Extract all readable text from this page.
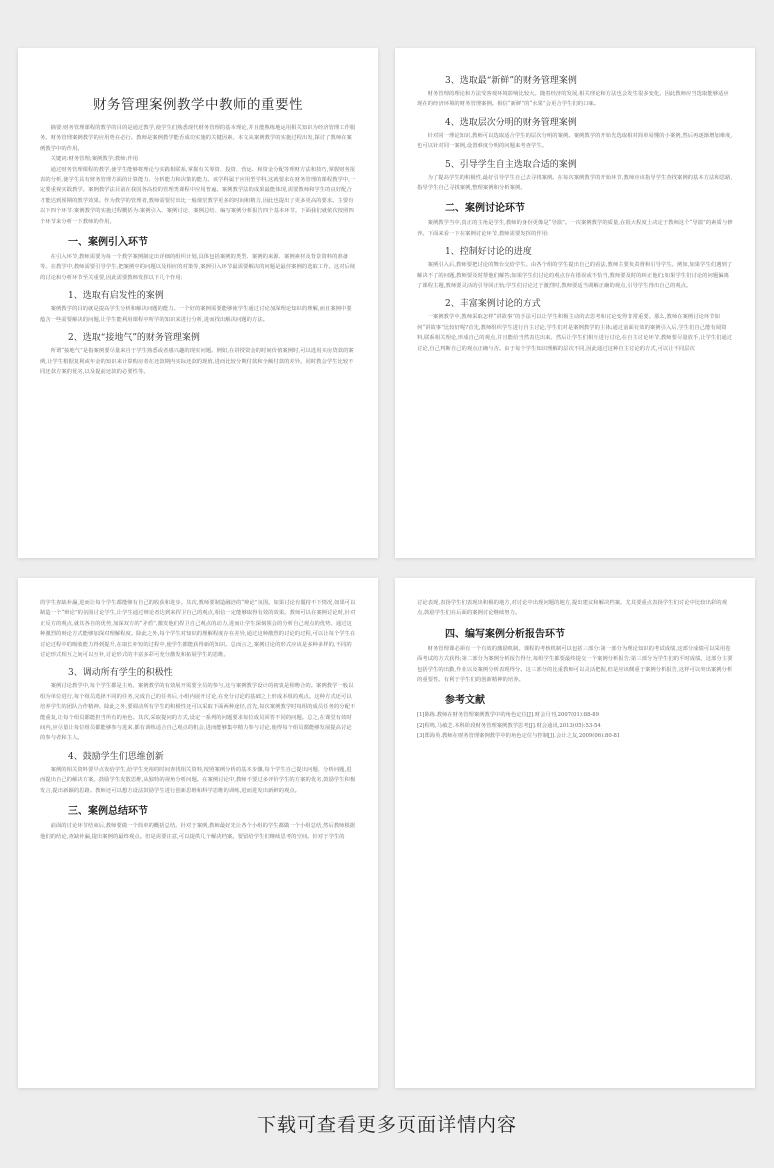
财务管理案例教学中教师的重要性

摘要:财务管理课程的教学的目的是通过教学,使学生们熟悉现代财务管理的基本理论,并且能熟练地运用相关知识为经济管理工作服务。财务管理案例教学的应用势在必行。教师是案例教学能否成功实施的关键因素。本文从案例教学的实施过程出发,探讨了教师在案例教学中的作用。

关键词:财务管理;案例教学;教师;作用

通过财务管理课程的教学,使学生能够将理论与实践相联系,掌握有关筹资、投资、营运、和资金分配等理财方法和技巧,掌握财务报表的分析,使学生具有财务管理方面的计算能力、分析能力和决策的能力。该学科属于应用型学科,这就要求在财务管理的课程教学中,一定要重视实践教学。案例教学法目前在我国各高校的管理类课程中应用普遍。案例教学法的成果最能体现,需要教师和学生的良好配合才能达到预期的教学效果。作为教学的管理者,教师需要付出比一般课堂教学更多的时间和精力,因此也提出了更多更高的要求。主要有以下四个环节:案例教学的实施过程概括为:案例引入、案例讨论、案例总结、编写案例分析报告四个基本环节。下面我们就依次按照四个环节来分析一下教师的作用。

一、案例引入环节

在引入环节,教师需要为每一个教学案例制定出详细的组织计划,具体包括案例的类型、案例的来源、案例素材及背景资料的准备等。在教学中,教师需要引导学生,把案例中的问题以及相应的对策等,案例引入环节最需要解决的问题是最佳案例的选取工作。这对后续的讨论和分析环节至关重要,因此需要教师发挥以下几个作用:

1、选取有启发性的案例

案例教学的目的就是提高学生分析和解决问题的能力。一个好的案例需要能够使学生通过讨论加深理论知识的理解,而且案例中要蕴含一些需要解决的问题,让学生能利用课程中所学的知识来进行分析,进而找出解决问题的方法。

2、选取“接地气”的财务管理案例

所谓“接地气”是指案例要尽量来自于学生熟悉或者感兴趣的现实问题。例如,在讲授资金的时间价值案例时,可以选用买房贷款的案例,让学生根据复利或年金的知识来计算购房者在还款期内实际还款的现值,进而比较分期付款和全额付款的差异。同时教会学生比较不同还款方案的优劣,以及提前还款的必要性等。

3、选取最“新鲜”的财务管理案例

财务管理的理论和方法受客观环境影响比较大。随着经济的发展,相关理论和方法也会发生很多变化。因此教师应当选取能够适应现在的经济环境的财务管理案例。相信“新鲜”的“水果”会更合学生们的口味。

4、选取层次分明的财务管理案例

针对同一理论知识,教师可以选取适合学生的层次分明的案例。案例教学的开始先选取相对简单易懂的小案例,然后再逐渐增加难度,也可以针对同一案例,设置难度分明的问题来考查学生。

5、引导学生自主选取合适的案例

为了提高学生的积极性,最好引导学生自己去寻找案例。在每次案例教学的开始环节,教师应该指导学生查找案例的基本方法和思路,指导学生自己寻找案例,整理案例和分析案例。

二、案例讨论环节

案例教学当中,真正的主角是学生,教师的身份更像是“导演”。一次案例教学的质量,在很大程度上决定于教师这个“导演”的素质与修养。下面来看一下在案例讨论环节,教师需要发挥的作用:

1、控制好讨论的进度

案例引入后,教师要把讨论的舞台交给学生。由各个组的学生提出自己的看法,教师主要负责督和引导学生。例如,如果学生们遇到了解决不了的问题,教师要及时帮他们解答;如果学生们讨论的观点存在错误或不恰当,教师要及时的纠正他们;如果学生们讨论的问题偏离了课程主题,教师要灵活的引导回正轨;学生们讨论过于激烈时,教师要适当调解正确的观点,引导学生得出自己的观点。

2、丰富案例讨论的方式

一案例教学中,教师采取怎样“讲故事”的手法可以让学生积极主动的去思考和讨论变得非常重要。那么,教师在案例讨论环节如何“讲故事”比较好呢?首先,教师组织学生进行自主讨论,学生们对是案例教学的主体;通过前面有效的案例引入后,学生们自己能有阅资料,联系相关理论,形成自己的观点,并且能给当然表达出来。然后让学生们相互进行讨论,在自主讨论环节,教师要尽量放手,让学生们通过讨论,自己判断自己的观点正确与否。由于每个学生知识理解的层次不同,因此通过这种自主讨论的方式,可以让不同层次

的学生查缺补漏,进而让每个学生都能够有自己的收获和进步。其次,教师要制造融洽的“辩论”氛围。如果讨论有僵持不下情况,如果可以制造一个“辩论”的氛围讨论学生,让学生通过辩论者达到来捍卫自己的观点,相信一定能够取得有效的效果。教师可以在案例讨论时,针对正反方的观点,就其各自的优势,加深双方的“矛盾”,激发他们捍卫自己观点的动力,进而让学生深刻领会的分析自己观点的优势。通过这种激烈的辩论方式能够加深对理解程度。除此之外,每个学生对知识的理解程度存在差异,通过这种激烈的讨论的过程,可以让每个学生在讨论过程中的吸收能力得到提升,在取长补短的过程中,使学生都能获得新的知识。总而言之,案例讨论的形式应该是多种多样的,不同的讨论形式相互之间可以互补,讨论形式的丰富多彩可充分激发和拓展学生的思维。

3、调动所有学生的积极性

案例讨论教学中,每个学生都是主角。案例教学的有效展开需要全员的参与,这与案例教学设计的初衷是相吻合的。案例教学一般以组为单位进行,每个组员选择不同的任务,完成自己的任务后,小组内展开讨论,在充分讨论的基础之上形成本组的观点。这种方式还可以培养学生的团队合作精神。除此之外,要调动所有学生的积极性还可以采取下面两种途径,首先,每次案例教学时每组的成员任务的分配不能重复,让每个组员都能担当所有的角色。其次,采取提问的方式,设定一系列的问题要求每位成员回答不同的问题。总之,在课堂有效时间内,应尽量让每位组员都能够参与进来,都有训练适合自己观点的机会,进而能够集中精力参与讨论,使得每个组员都能够发展提高讨论的参与者和主人。

4、鼓励学生们思维创新

案例的相关资料要早点发给学生,给学生充裕的时间查找相关资料,按照案例分析的基本步骤,每个学生自己提出问题、分析问题,进而提出自己的解决方案。鼓励学生发散思维,从独特的视角分析问题。在案例讨论中,教师不要过多评价学生的方案的优劣,鼓励学生积极发言,提出新颖的思路。教师还可以想方设法鼓励学生进行创新思维和科学思维的训练,进而进发出新鲜的观点。

三、案例总结环节

前面的讨论环节结束后,教师要做一个简单的概括总结。针对于案例,教师最好先让各个小组的学生都做一个小组总结,然后教师根据他们的结论,查缺补漏,提出案例的最终观点。但是需要注意,可以提供几个解决档案。要留给学生们继续思考的空间。针对于学生的

讨论表现,表扬学生们表现出积极的地方,对讨论中出现问题的地方,提出建议和解决档案。尤其要重点表扬学生们讨论中比较出彩的观点,鼓励学生们在后面的案例讨论继续努力。

四、编写案例分析报告环节

财务管理课必须有一个有效的激励机制。课程的考核机制可以包括三部分:第一部分为理论知识的考试成绩,这部分成绩可以采用卷面考试的方式获得;第二部分为案例分析报告得分,每组学生都要最终提交一个案例分析报告;第三部分为学生们的平时成绩。这部分主要包括学生的出勤,作业以及案例分析表现得分。这三部分的比重教师可以灵活把握,但是应该侧重于案例分析报告,这样可以突出案例分析的重要性。有利于学生们的创新精神的培养。

参考文献
[1]陈栋.教师在财务管理案例教学中的角色定位[J].财会月刊,2007(01):88-89
[2]程鸣,马敏芝.本科阶段财务管理案例教学思考[J].财会通讯,2013(05):53-54
[3]郑海英.教师在财务管理案例教学中的角色定位与控制[J].会计之友,2009(06):80-81
下载可查看更多页面详情内容
